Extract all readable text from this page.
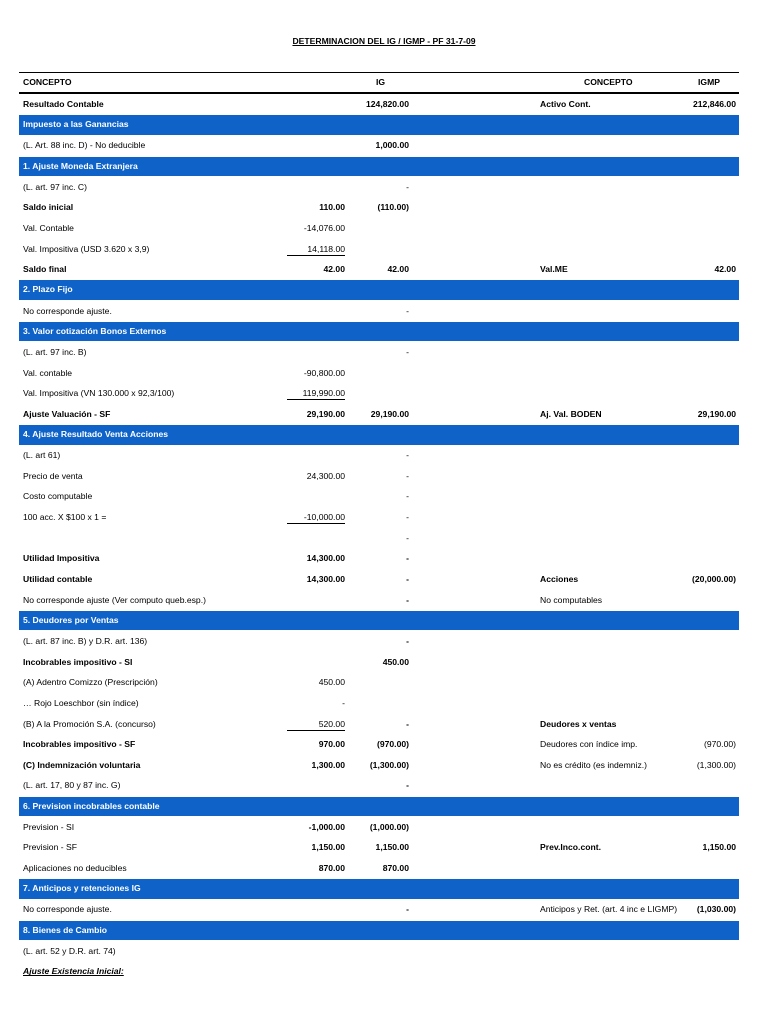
DETERMINACION DEL IG / IGMP - PF 31-7-09
CONCEPTO	IG	CONCEPTO	IGMP
Resultado Contable	124,820.00	Activo Cont.	212,846.00
Impuesto a las Ganancias
(L. Art. 88 inc. D) - No deducible	1,000.00
1. Ajuste Moneda Extranjera
(L. art. 97 inc. C)	-
Saldo inicial	110.00	(110.00)
Val. Contable	-14,076.00
Val. Impositiva (USD 3.620 x 3,9)	14,118.00
Saldo final	42.00	42.00	Val.ME	42.00
2. Plazo Fijo
No corresponde ajuste.	-
3. Valor cotización Bonos Externos
(L. art. 97 inc. B)	-
Val. contable	-90,800.00
Val. Impositiva (VN 130.000 x 92,3/100)	119,990.00
Ajuste Valuación - SF	29,190.00	29,190.00	Aj. Val. BODEN	29,190.00
4. Ajuste Resultado Venta Acciones
(L. art 61)	-
Precio de venta	24,300.00	-
Costo computable	-
100 acc. X $100 x 1 =	-10,000.00	-
-
Utilidad Impositiva	14,300.00	-
Utilidad contable	14,300.00	-	Acciones	(20,000.00)
No corresponde ajuste (Ver computo queb.esp.)	-	No computables
5. Deudores por Ventas
(L. art. 87 inc. B) y D.R. art. 136)	-
Incobrables impositivo - SI	450.00
(A) Adentro Comizzo (Prescripción)	450.00
… Rojo Loeschbor (sin índice)	-
(B) A la Promoción S.A. (concurso)	520.00	-	Deudores x ventas
Incobrables impositivo - SF	970.00	(970.00)	Deudores con índice imp.	(970.00)
(C) Indemnización voluntaria	1,300.00	(1,300.00)	No es crédito (es indemniz.)	(1,300.00)
(L. art. 17, 80 y 87 inc. G)	-
6. Prevision incobrables contable
Prevision - SI	-1,000.00	(1,000.00)
Prevision - SF	1,150.00	1,150.00	Prev.Inco.cont.	1,150.00
Aplicaciones no deducibles	870.00	870.00
7. Anticipos y retenciones IG
No corresponde ajuste.	-	Anticipos y Ret. (art. 4 inc e LIGMP) (1,030.00)
8. Bienes de Cambio
(L. art. 52 y D.R. art. 74)
Ajuste Existencia Inicial:
